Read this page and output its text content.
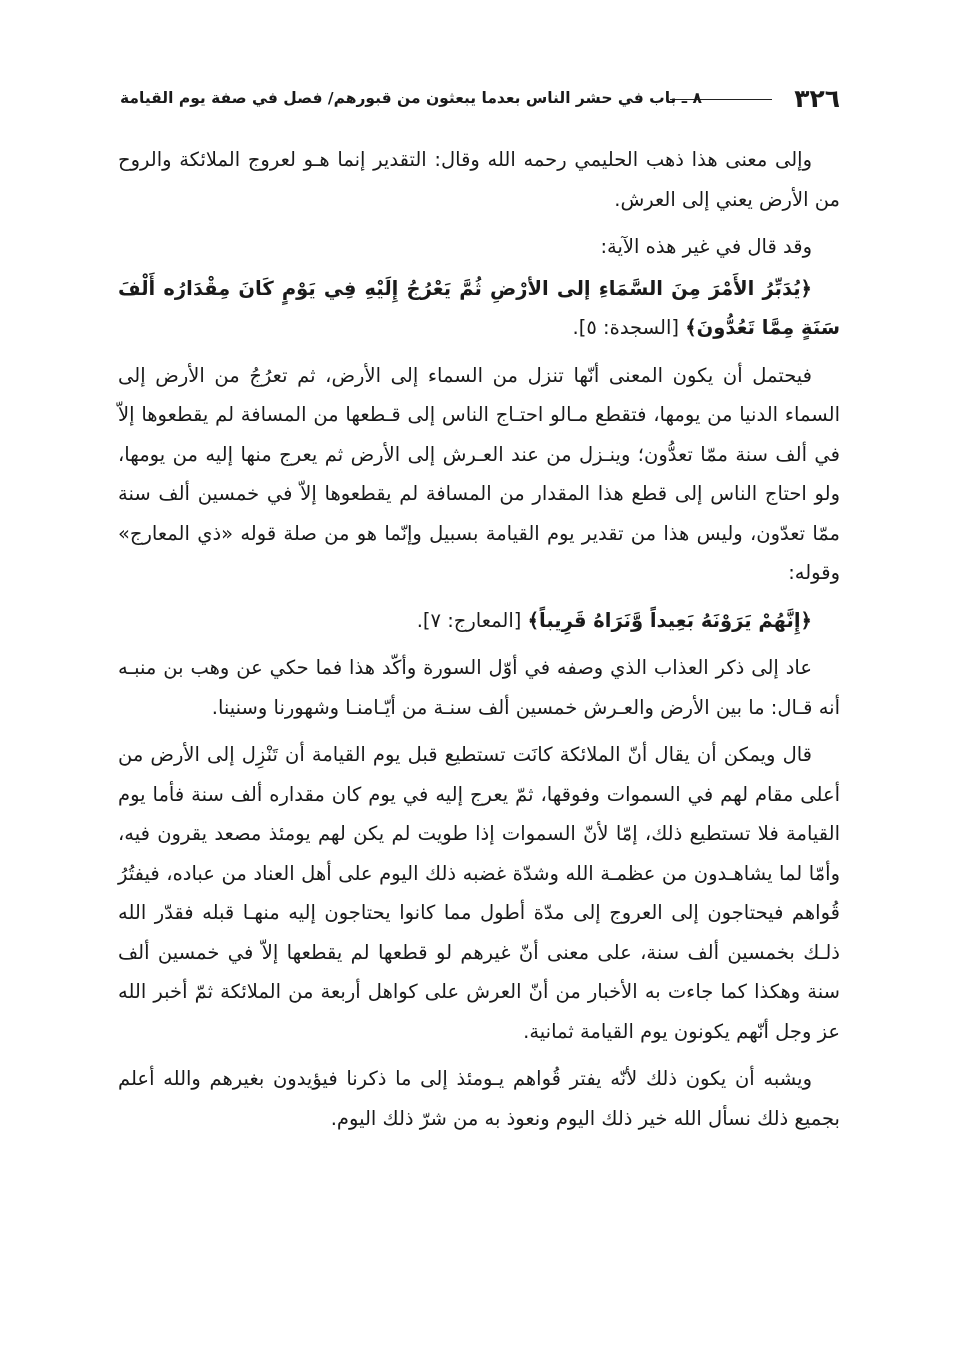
٣٢٦
٨ ـ باب في حشر الناس بعدما يبعثون من قبورهم/ فصل في صفة يوم القيامة

وإلى معنى هذا ذهب الحليمي رحمه الله وقال: التقدير إنما هـو لعروج الملائكة والروح من الأرض يعني إلى العرش.

وقد قال في غير هذه الآية:

﴿يُدَبِّرُ الأَمْرَ مِنَ السَّمَاءِ إلى الأرْضِ ثُمَّ يَعْرُجُ إِلَيْهِ فِي يَوْمٍ كَانَ مِقْدَارُه أَلْفَ سَنَةٍ مِمَّا تَعُدُّونَ﴾ [السجدة: ٥].

فيحتمل أن يكون المعنى أنّها تنزل من السماء إلى الأرض، ثم تعرُجُ من الأرض إلى السماء الدنيا من يومها، فتقطع مـالو احتـاج الناس إلى قـطعها من المسافة لم يقطعوها إلاّ في ألف سنة ممّا تعدُّون؛ وينـزل من عند العـرش إلى الأرض ثم يعرج منها إليه من يومها، ولو احتاج الناس إلى قطع هذا المقدار من المسافة لم يقطعوها إلاّ في خمسين ألف سنة ممّا تعدّون، وليس هذا من تقدير يوم القيامة بسبيل وإنّما هو من صلة قوله «ذي المعارج» وقوله:

﴿إِنَّهُمْ يَرَوْنَهُ بَعِيداً وَّنَرَاهُ قَرِيباً﴾ [المعارج: ٧].

عاد إلى ذكر العذاب الذي وصفه في أوّل السورة وأكّد هذا فما حكي عن وهب بن منبـه أنه قـال: ما بين الأرض والعـرش خمسين ألف سنـة من أيّـامنـا وشهورنا وسنينا.

قال ويمكن أن يقال أنّ الملائكة كانَت تستطيع قبل يوم القيامة أن تَنْزِل إلى الأرض من أعلى مقام لهم في السموات وفوقها، ثمّ يعرج إليه في يوم كان مقداره ألف سنة فأما يوم القيامة فلا تستطيع ذلك، إمّا لأنّ السموات إذا طويت لم يكن لهم يومئذ مصعد يقرون فيه، وأمّا لما يشاهـدون من عظمـة الله وشدّة غضبه ذلك اليوم على أهل العناد من عباده، فيفتُرُ قُواهم فيحتاجون إلى العروج إلى مدّة أطول مما كانوا يحتاجون إليه منهـا قبله فقدّر الله ذلـك بخمسين ألف سنة، على معنى أنّ غيرهم لو قطعها لم يقطعها إلاّ في خمسين ألف سنة وهكذا كما جاءت به الأخبار من أنّ العرش على كواهل أربعة من الملائكة ثمّ أخبر الله عز وجل أنّهم يكونون يوم القيامة ثمانية.

ويشبه أن يكون ذلك لأنّه يفتر قُواهم يـومئذ إلى ما ذكرنا فيؤيدون بغيرهم والله أعلم بجميع ذلك نسأل الله خير ذلك اليوم ونعوذ به من شرّ ذلك اليوم.
